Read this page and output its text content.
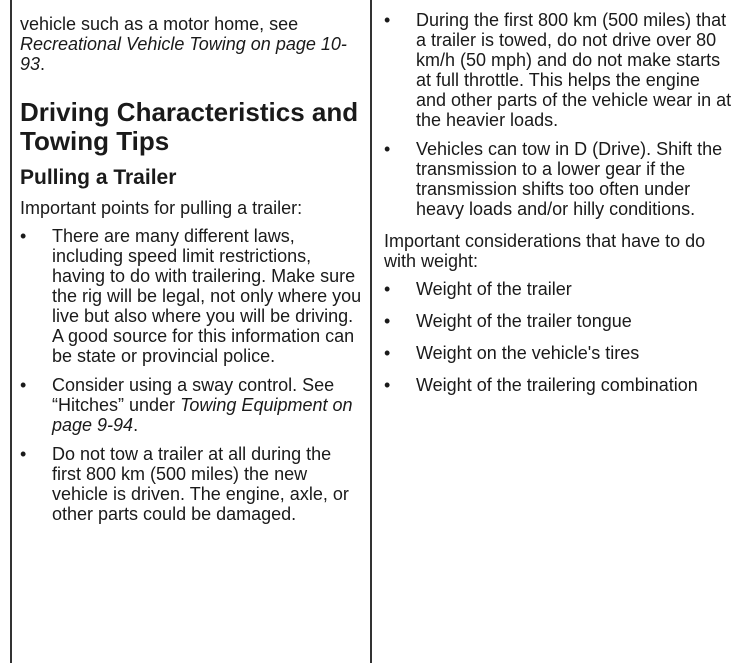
vehicle such as a motor home, see Recreational Vehicle Towing on page 10-93.

Driving Characteristics and Towing Tips
Pulling a Trailer

Important points for pulling a trailer:

•	There are many different laws, including speed limit restrictions, having to do with trailering. Make sure the rig will be legal, not only where you live but also where you will be driving. A good source for this information can be state or provincial police.
•	Consider using a sway control. See “Hitches” under Towing Equipment on page 9-94.
•	Do not tow a trailer at all during the first 800 km (500 miles) the new vehicle is driven. The engine, axle, or other parts could be damaged.
•	During the first 800 km (500 miles) that a trailer is towed, do not drive over 80 km/h (50 mph) and do not make starts at full throttle. This helps the engine and other parts of the vehicle wear in at the heavier loads.
•	Vehicles can tow in D (Drive). Shift the transmission to a lower gear if the transmission shifts too often under heavy loads and/or hilly conditions.

Important considerations that have to do with weight:

•	Weight of the trailer
•	Weight of the trailer tongue
•	Weight on the vehicle's tires
•	Weight of the trailering combination
